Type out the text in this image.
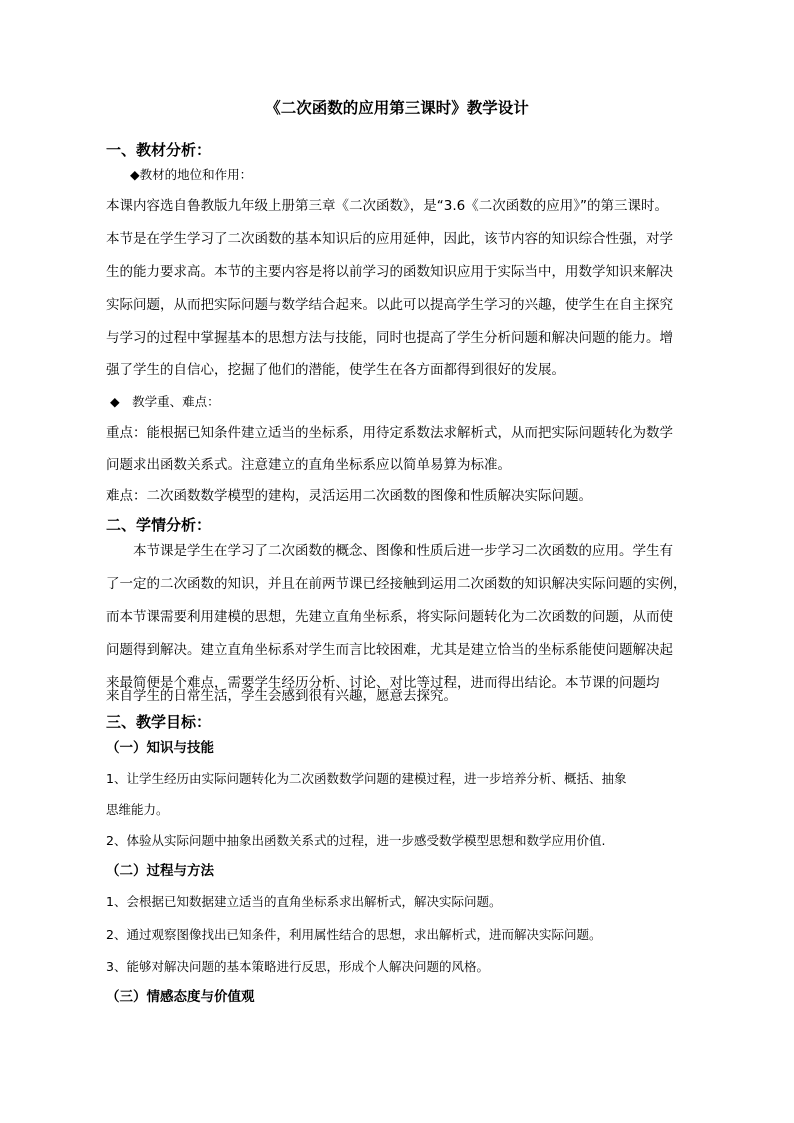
《二次函数的应用第三课时》教学设计
一、教材分析：
◆教材的地位和作用：
本课内容选自鲁教版九年级上册第三章《二次函数》，是“3.6《二次函数的应用》”的第三课时。
本节是在学生学习了二次函数的基本知识后的应用延伸，因此，该节内容的知识综合性强，对学
生的能力要求高。本节的主要内容是将以前学习的函数知识应用于实际当中，用数学知识来解决
实际问题，从而把实际问题与数学结合起来。以此可以提高学生学习的兴趣，使学生在自主探究
与学习的过程中掌握基本的思想方法与技能，同时也提高了学生分析问题和解决问题的能力。增
强了学生的自信心，挖掘了他们的潜能，使学生在各方面都得到很好的发展。
◆　教学重、难点：
重点：能根据已知条件建立适当的坐标系，用待定系数法求解析式，从而把实际问题转化为数学
问题求出函数关系式。注意建立的直角坐标系应以简单易算为标准。
难点：二次函数数学模型的建构，灵活运用二次函数的图像和性质解决实际问题。
二、学情分析：
　　本节课是学生在学习了二次函数的概念、图像和性质后进一步学习二次函数的应用。学生有
了一定的二次函数的知识，并且在前两节课已经接触到运用二次函数的知识解决实际问题的实例，
而本节课需要利用建模的思想，先建立直角坐标系，将实际问题转化为二次函数的问题，从而使
问题得到解决。建立直角坐标系对学生而言比较困难，尤其是建立恰当的坐标系能使问题解决起
来最简便是个难点，需要学生经历分析、讨论、对比等过程，进而得出结论。本节课的问题均
来自学生的日常生活，学生会感到很有兴趣，愿意去探究。
三、教学目标：
（一）知识与技能
1、让学生经历由实际问题转化为二次函数数学问题的建模过程，进一步培养分析、概括、抽象
思维能力。
2、体验从实际问题中抽象出函数关系式的过程，进一步感受数学模型思想和数学应用价值.
（二）过程与方法
1、会根据已知数据建立适当的直角坐标系求出解析式，解决实际问题。
2、通过观察图像找出已知条件，利用属性结合的思想，求出解析式，进而解决实际问题。
3、能够对解决问题的基本策略进行反思，形成个人解决问题的风格。
（三）情感态度与价值观
